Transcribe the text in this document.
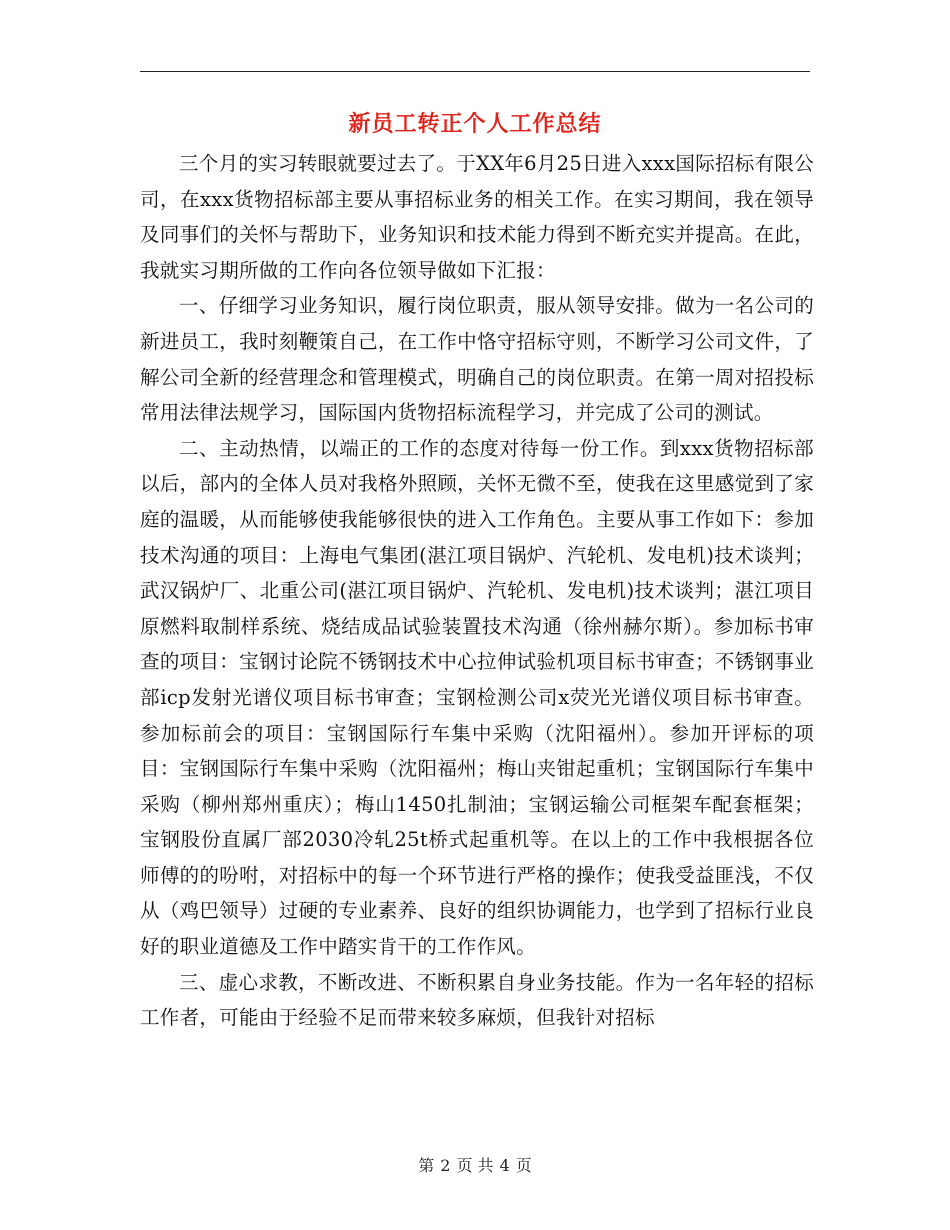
新员工转正个人工作总结

三个月的实习转眼就要过去了。于XX年6月25日进入xxx国际招标有限公司，在xxx货物招标部主要从事招标业务的相关工作。在实习期间，我在领导及同事们的关怀与帮助下，业务知识和技术能力得到不断充实并提高。在此，我就实习期所做的工作向各位领导做如下汇报：

一、仔细学习业务知识，履行岗位职责，服从领导安排。做为一名公司的新进员工，我时刻鞭策自己，在工作中恪守招标守则，不断学习公司文件，了解公司全新的经营理念和管理模式，明确自己的岗位职责。在第一周对招投标常用法律法规学习，国际国内货物招标流程学习，并完成了公司的测试。

二、主动热情，以端正的工作的态度对待每一份工作。到xxx货物招标部以后，部内的全体人员对我格外照顾，关怀无微不至，使我在这里感觉到了家庭的温暖，从而能够使我能够很快的进入工作角色。主要从事工作如下：参加技术沟通的项目：上海电气集团(湛江项目锅炉、汽轮机、发电机)技术谈判；武汉锅炉厂、北重公司(湛江项目锅炉、汽轮机、发电机)技术谈判；湛江项目原燃料取制样系统、烧结成品试验装置技术沟通（徐州赫尔斯）。参加标书审查的项目：宝钢讨论院不锈钢技术中心拉伸试验机项目标书审查；不锈钢事业部icp发射光谱仪项目标书审查；宝钢检测公司x荧光光谱仪项目标书审查。参加标前会的项目：宝钢国际行车集中采购（沈阳福州）。参加开评标的项目：宝钢国际行车集中采购（沈阳福州；梅山夹钳起重机；宝钢国际行车集中采购（柳州郑州重庆）；梅山1450扎制油；宝钢运输公司框架车配套框架；宝钢股份直属厂部2030冷轧25t桥式起重机等。在以上的工作中我根据各位师傅的的吩咐，对招标中的每一个环节进行严格的操作；使我受益匪浅，不仅从（鸡巴领导）过硬的专业素养、良好的组织协调能力，也学到了招标行业良好的职业道德及工作中踏实肯干的工作作风。

三、虚心求教，不断改进、不断积累自身业务技能。作为一名年轻的招标工作者，可能由于经验不足而带来较多麻烦，但我针对招标

第 2 页 共 4 页
